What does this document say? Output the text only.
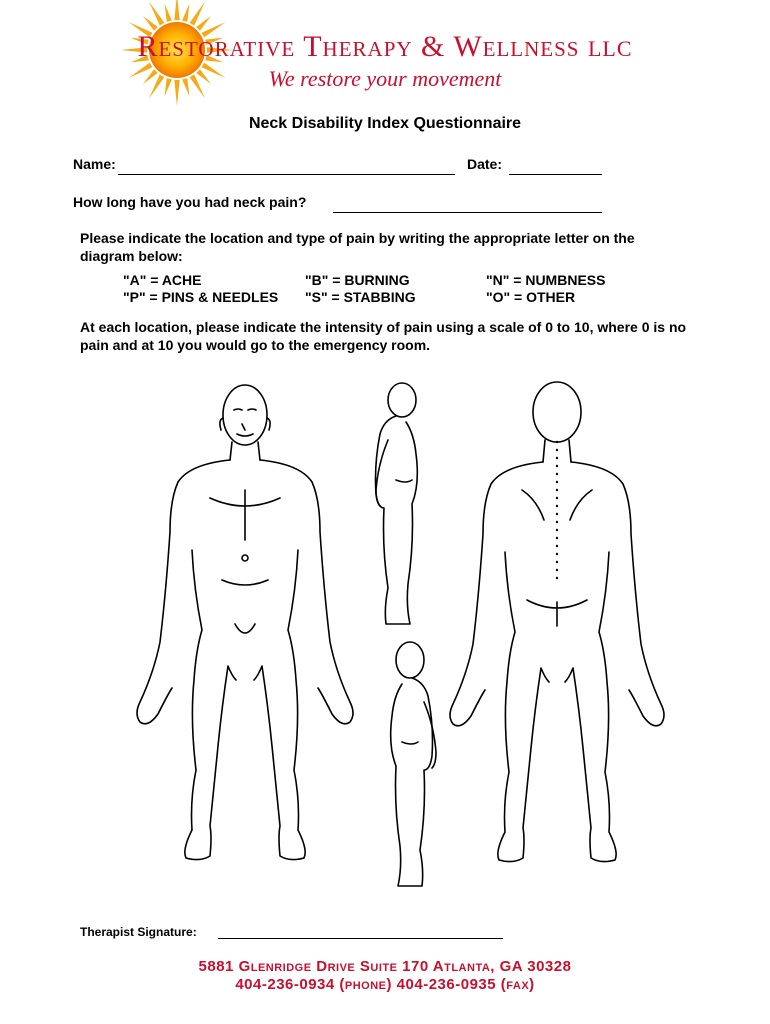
Restorative Therapy & Wellness LLC
We restore your movement
Neck Disability Index Questionnaire
Name:	Date:
How long have you had neck pain?
Please indicate the location and type of pain by writing the appropriate letter on the diagram below:
"A" = ACHE	"B" = BURNING	"N" = NUMBNESS
"P" = PINS & NEEDLES "S" = STABBING	"O" = OTHER
At each location, please indicate the intensity of pain using a scale of 0 to 10, where 0 is no pain and at 10 you would go to the emergency room.
Therapist Signature:
5881 Glenridge Drive Suite 170 Atlanta, GA 30328
404-236-0934 (phone) 404-236-0935 (fax)
